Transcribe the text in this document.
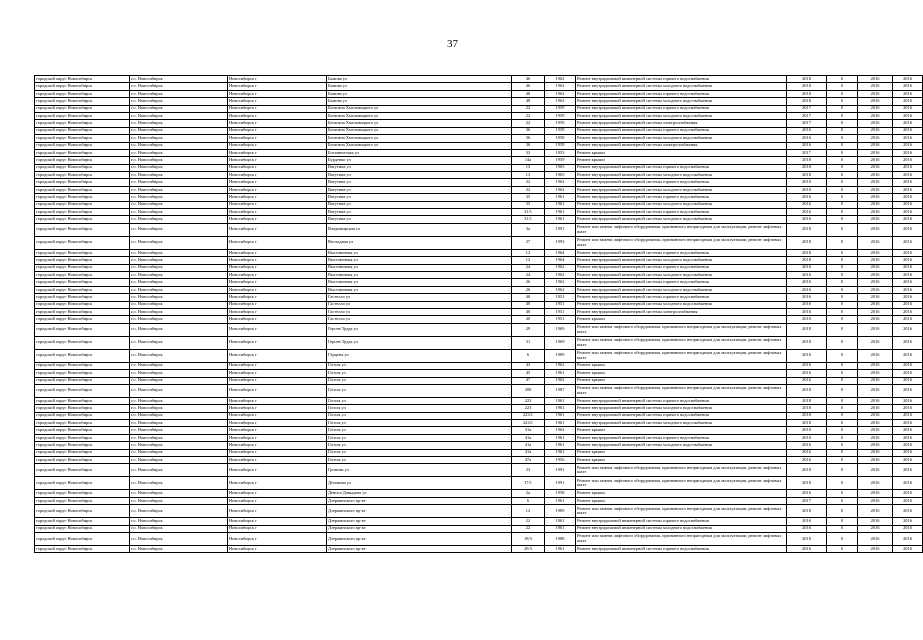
37
городской округ Новосибирск	г.о. Новосибирск	Новосибирск г	Бажова ул	46	1962	Ремонт внутридомовой инженерной системы горячего водоснабжения	2018	0	2016	2016
городской округ Новосибирск	г.о. Новосибирск	Новосибирск г	Бажова ул	46	1962	Ремонт внутридомовой инженерной системы холодного водоснабжения	2018	0	2016	2016
городской округ Новосибирск	г.о. Новосибирск	Новосибирск г	Бажова ул	48	1962	Ремонт внутридомовой инженерной системы горячего водоснабжения	2018	0	2016	2016
городской округ Новосибирск	г.о. Новосибирск	Новосибирск г	Бажова ул	48	1962	Ремонт внутридомовой инженерной системы холодного водоснабжения	2018	0	2016	2016
городской округ Новосибирск	г.о. Новосибирск	Новосибирск г	Бегагина Хмельницкого ул	22	1959	Ремонт внутридомовой инженерной системы горячего водоснабжения	2017	0	2016	2016
городской округ Новосибирск	г.о. Новосибирск	Новосибирск г	Бегагина Хмельницкого ул	22	1959	Ремонт внутридомовой инженерной системы холодного водоснабжения	2017	0	2016	2016
городской округ Новосибирск	г.о. Новосибирск	Новосибирск г	Бегагина Хмельницкого ул	22	1959	Ремонт внутридомовой инженерной системы электроснабжения	2017	0	2016	2016
городской округ Новосибирск	г.о. Новосибирск	Новосибирск г	Бегагина Хмельницкого ул	36	1958	Ремонт внутридомовой инженерной системы горячего водоснабжения	2016	0	2016	2016
городской округ Новосибирск	г.о. Новосибирск	Новосибирск г	Бегагина Хмельницкого ул	36	1958	Ремонт внутридомовой инженерной системы холодного водоснабжения	2016	0	2016	2016
городской округ Новосибирск	г.о. Новосибирск	Новосибирск г	Бегагина Хмельницкого ул	36	1958	Ремонт внутридомовой инженерной системы электроснабжения	2016	0	2016	2016
городской округ Новосибирск	г.о. Новосибирск	Новосибирск г	Ботаническая ул	33	1953	Ремонт крыши	2017	0	2016	2016
городской округ Новосибирск	г.о. Новосибирск	Новосибирск г	Бурденко ул	14а	1959	Ремонт крыши	2018	0	2016	2016
городской округ Новосибирск	г.о. Новосибирск	Новосибирск г	Ватутина ул	13	1965	Ремонт внутридомовой инженерной системы горячего водоснабжения	2018	0	2016	2016
городской округ Новосибирск	г.о. Новосибирск	Новосибирск г	Ватутина ул	13	1965	Ремонт внутридомовой инженерной системы холодного водоснабжения	2018	0	2016	2016
городской округ Новосибирск	г.о. Новосибирск	Новосибирск г	Ватутина ул	22	1962	Ремонт внутридомовой инженерной системы горячего водоснабжения	2016	0	2016	2016
городской округ Новосибирск	г.о. Новосибирск	Новосибирск г	Ватутина ул	22	1962	Ремонт внутридомовой инженерной системы холодного водоснабжения	2016	0	2016	2016
городской округ Новосибирск	г.о. Новосибирск	Новосибирск г	Ватутина ул	35	1961	Ремонт внутридомовой инженерной системы горячего водоснабжения	2016	0	2016	2016
городской округ Новосибирск	г.о. Новосибирск	Новосибирск г	Ватутина ул	35	1961	Ремонт внутридомовой инженерной системы холодного водоснабжения	2016	0	2016	2016
городской округ Новосибирск	г.о. Новосибирск	Новосибирск г	Ватутина ул	31/1	1961	Ремонт внутридомовой инженерной системы горячего водоснабжения	2016	0	2016	2016
городской округ Новосибирск	г.о. Новосибирск	Новосибирск г	Ватутина ул	31/1	1961	Ремонт внутридомовой инженерной системы холодного водоснабжения	2016	0	2016	2016
городской округ Новосибирск	г.о. Новосибирск	Новосибирск г	Владимирская ул	3а	1991	Ремонт или замена лифтового оборудования, признанного непригодным для эксплуатации, ремонт лифтовых шахт	2018	0	2016	2016
городской округ Новосибирск	г.о. Новосибирск	Новосибирск г	Восходная ул	27	1993	Ремонт или замена лифтового оборудования, признанного непригодным для эксплуатации, ремонт лифтовых шахт	2018	0	2016	2016
городской округ Новосибирск	г.о. Новосибирск	Новосибирск г	Выставочная ул	12	1964	Ремонт внутридомовой инженерной системы горячего водоснабжения	2018	0	2016	2016
городской округ Новосибирск	г.о. Новосибирск	Новосибирск г	Выставочная ул	12	1964	Ремонт внутридомовой инженерной системы холодного водоснабжения	2018	0	2016	2016
городской округ Новосибирск	г.о. Новосибирск	Новосибирск г	Выставочная ул	24	1962	Ремонт внутридомовой инженерной системы горячего водоснабжения	2016	0	2016	2016
городской округ Новосибирск	г.о. Новосибирск	Новосибирск г	Выставочная ул	24	1962	Ремонт внутридомовой инженерной системы холодного водоснабжения	2016	0	2016	2016
городской округ Новосибирск	г.о. Новосибирск	Новосибирск г	Выставочная ул	26	1962	Ремонт внутридомовой инженерной системы горячего водоснабжения	2016	0	2016	2016
городской округ Новосибирск	г.о. Новосибирск	Новосибирск г	Выставочная ул	26	1962	Ремонт внутридомовой инженерной системы холодного водоснабжения	2016	0	2016	2016
городской округ Новосибирск	г.о. Новосибирск	Новосибирск г	Гастелло ул	40	1951	Ремонт внутридомовой инженерной системы горячего водоснабжения	2016	0	2016	2016
городской округ Новосибирск	г.о. Новосибирск	Новосибирск г	Гастелло ул	40	1951	Ремонт внутридомовой инженерной системы холодного водоснабжения	2016	0	2016	2016
городской округ Новосибирск	г.о. Новосибирск	Новосибирск г	Гастелло ул	40	1951	Ремонт внутридомовой инженерной системы электроснабжения	2016	0	2016	2016
городской округ Новосибирск	г.о. Новосибирск	Новосибирск г	Гастелло ул	40	1951	Ремонт крыши	2016	0	2016	2016
городской округ Новосибирск	г.о. Новосибирск	Новосибирск г	Героев Труда ул	29	1969	Ремонт или замена лифтового оборудования, признанного непригодным для эксплуатации, ремонт лифтовых шахт	2018	0	2016	2016
городской округ Новосибирск	г.о. Новосибирск	Новосибирск г	Героев Труда ул	31	1969	Ремонт или замена лифтового оборудования, признанного непригодным для эксплуатации, ремонт лифтовых шахт	2018	0	2016	2016
городской округ Новосибирск	г.о. Новосибирск	Новосибирск г	Гёрцена ул	6	1989	Ремонт или замена лифтового оборудования, признанного непригодным для эксплуатации, ремонт лифтовых шахт	2016	0	2016	2016
городской округ Новосибирск	г.о. Новосибирск	Новосибирск г	Гоголя ул	43	1962	Ремонт крыши	2016	0	2016	2016
городской округ Новосибирск	г.о. Новосибирск	Новосибирск г	Гоголя ул	45	1961	Ремонт крыши	2016	0	2016	2016
городской округ Новосибирск	г.о. Новосибирск	Новосибирск г	Гоголя ул	47	1962	Ремонт крыши	2016	0	2016	2016
городской округ Новосибирск	г.о. Новосибирск	Новосибирск г	Гоголя ул	208	1987	Ремонт или замена лифтового оборудования, признанного непригодным для эксплуатации, ремонт лифтовых шахт	2018	0	2016	2016
городской округ Новосибирск	г.о. Новосибирск	Новосибирск г	Гоголя ул	223	1961	Ремонт внутридомовой инженерной системы горячего водоснабжения	2018	0	2016	2016
городской округ Новосибирск	г.о. Новосибирск	Новосибирск г	Гоголя ул	223	1961	Ремонт внутридомовой инженерной системы холодного водоснабжения	2018	0	2016	2016
городской округ Новосибирск	г.о. Новосибирск	Новосибирск г	Гоголя ул	223/1	1961	Ремонт внутридомовой инженерной системы горячего водоснабжения	2018	0	2016	2016
городской округ Новосибирск	г.о. Новосибирск	Новосибирск г	Гоголя ул	223/1	1961	Ремонт внутридомовой инженерной системы холодного водоснабжения	2018	0	2016	2016
городской округ Новосибирск	г.о. Новосибирск	Новосибирск г	Гоголя ул	31а	1962	Ремонт крыши	2016	0	2016	2016
городской округ Новосибирск	г.о. Новосибирск	Новосибирск г	Гоголя ул	41а	1961	Ремонт внутридомовой инженерной системы горячего водоснабжения	2016	0	2016	2016
городской округ Новосибирск	г.о. Новосибирск	Новосибирск г	Гоголя ул	41а	1961	Ремонт внутридомовой инженерной системы холодного водоснабжения	2016	0	2016	2016
городской округ Новосибирск	г.о. Новосибирск	Новосибирск г	Гоголя ул	41а	1961	Ремонт крыши	2016	0	2016	2016
городской округ Новосибирск	г.о. Новосибирск	Новосибирск г	Гоголя ул	47а	1956	Ремонт крыши	2016	0	2016	2016
городской округ Новосибирск	г.о. Новосибирск	Новосибирск г	Громова ул	23	1991	Ремонт или замена лифтового оборудования, признанного непригодным для эксплуатации, ремонт лифтовых шахт	2018	0	2016	2016
городской округ Новосибирск	г.о. Новосибирск	Новосибирск г	Демакова ул	17/1	1991	Ремонт или замена лифтового оборудования, признанного непригодным для эксплуатации, ремонт лифтовых шахт	2018	0	2016	2016
городской округ Новосибирск	г.о. Новосибирск	Новосибирск г	Дениса Давыдова ул	2а	1958	Ремонт крыши	2016	0	2016	2016
городской округ Новосибирск	г.о. Новосибирск	Новосибирск г	Дзержинского пр-кт	6	1961	Ремонт крыши	2017	0	2016	2016
городской округ Новосибирск	г.о. Новосибирск	Новосибирск г	Дзержинского пр-кт	12	1989	Ремонт или замена лифтового оборудования, признанного непригодным для эксплуатации, ремонт лифтовых шахт	2018	0	2016	2016
городской округ Новосибирск	г.о. Новосибирск	Новосибирск г	Дзержинского пр-кт	22	1961	Ремонт внутридомовой инженерной системы горячего водоснабжения	2016	0	2016	2016
городской округ Новосибирск	г.о. Новосибирск	Новосибирск г	Дзержинского пр-кт	22	1961	Ремонт внутридомовой инженерной системы холодного водоснабжения	2016	0	2016	2016
городской округ Новосибирск	г.о. Новосибирск	Новосибирск г	Дзержинского пр-кт	18/3	1988	Ремонт или замена лифтового оборудования, признанного непригодным для эксплуатации, ремонт лифтовых шахт	2018	0	2016	2016
городской округ Новосибирск	г.о. Новосибирск	Новосибирск г	Дзержинского пр-кт	29/3	1961	Ремонт внутридомовой инженерной системы горячего водоснабжения	2016	0	2016	2016
